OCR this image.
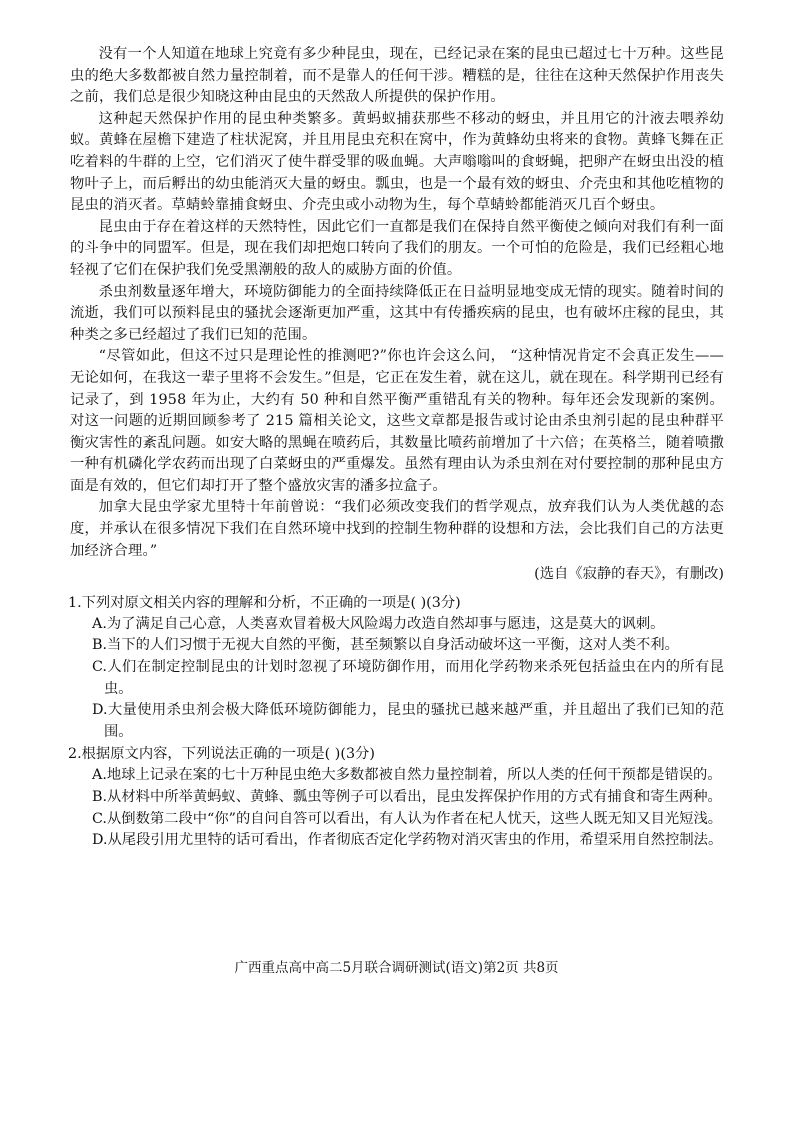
没有一个人知道在地球上究竟有多少种昆虫，现在，已经记录在案的昆虫已超过七十万种。这些昆虫的绝大多数都被自然力量控制着，而不是靠人的任何干涉。糟糕的是，往往在这种天然保护作用丧失之前，我们总是很少知晓这种由昆虫的天然敌人所提供的保护作用。

这种起天然保护作用的昆虫种类繁多。黄蚂蚁捕获那些不移动的蚜虫，并且用它的汁液去喂养幼蚁。黄蜂在屋檐下建造了柱状泥窝，并且用昆虫充积在窝中，作为黄蜂幼虫将来的食物。黄蜂飞舞在正吃着料的牛群的上空，它们消灭了使牛群受罪的吸血蝇。大声嗡嗡叫的食蚜蝇，把卵产在蚜虫出没的植物叶子上，而后孵出的幼虫能消灭大量的蚜虫。瓢虫，也是一个最有效的蚜虫、介壳虫和其他吃植物的昆虫的消灭者。草蜻蛉靠捕食蚜虫、介壳虫或小动物为生，每个草蜻蛉都能消灭几百个蚜虫。

昆虫由于存在着这样的天然特性，因此它们一直都是我们在保持自然平衡使之倾向对我们有利一面的斗争中的同盟军。但是，现在我们却把炮口转向了我们的朋友。一个可怕的危险是，我们已经粗心地轻视了它们在保护我们免受黑潮般的敌人的威胁方面的价值。

杀虫剂数量逐年增大，环境防御能力的全面持续降低正在日益明显地变成无情的现实。随着时间的流逝，我们可以预料昆虫的骚扰会逐渐更加严重，这其中有传播疾病的昆虫，也有破坏庄稼的昆虫，其种类之多已经超过了我们已知的范围。

“尽管如此，但这不过只是理论性的推测吧?”你也许会这么问， “这种情况肯定不会真正发生——无论如何，在我这一辈子里将不会发生。”但是，它正在发生着，就在这儿，就在现在。科学期刊已经有记录了，到 1958 年为止，大约有 50 种和自然平衡严重错乱有关的物种。每年还会发现新的案例。对这一问题的近期回顾参考了 215 篇相关论文，这些文章都是报告或讨论由杀虫剂引起的昆虫种群平衡灾害性的紊乱问题。如安大略的黑蝇在喷药后，其数量比喷药前增加了十六倍；在英格兰，随着喷撒一种有机磷化学农药而出现了白菜蚜虫的严重爆发。虽然有理由认为杀虫剂在对付要控制的那种昆虫方面是有效的，但它们却打开了整个盛放灾害的潘多拉盒子。

加拿大昆虫学家尤里特十年前曾说：“我们必须改变我们的哲学观点，放弃我们认为人类优越的态度，并承认在很多情况下我们在自然环境中找到的控制生物种群的设想和方法，会比我们自己的方法更加经济合理。”

(选自《寂静的春天》，有删改)

1.下列对原文相关内容的理解和分析，不正确的一项是( )(3分)

A.为了满足自己心意，人类喜欢冒着极大风险竭力改造自然却事与愿违，这是莫大的讽刺。
B.当下的人们习惯于无视大自然的平衡，甚至频繁以自身活动破坏这一平衡，这对人类不利。
C.人们在制定控制昆虫的计划时忽视了环境防御作用，而用化学药物来杀死包括益虫在内的所有昆虫。
D.大量使用杀虫剂会极大降低环境防御能力，昆虫的骚扰已越来越严重，并且超出了我们已知的范围。

2.根据原文内容，下列说法正确的一项是( )(3分)

A.地球上记录在案的七十万种昆虫绝大多数都被自然力量控制着，所以人类的任何干预都是错误的。
B.从材料中所举黄蚂蚁、黄蜂、瓢虫等例子可以看出，昆虫发挥保护作用的方式有捕食和寄生两种。
C.从倒数第二段中“你”的自问自答可以看出，有人认为作者在杞人忧天，这些人既无知又目光短浅。
D.从尾段引用尤里特的话可看出，作者彻底否定化学药物对消灭害虫的作用，希望采用自然控制法。
广西重点高中高二5月联合调研测试(语文)第2页 共8页
